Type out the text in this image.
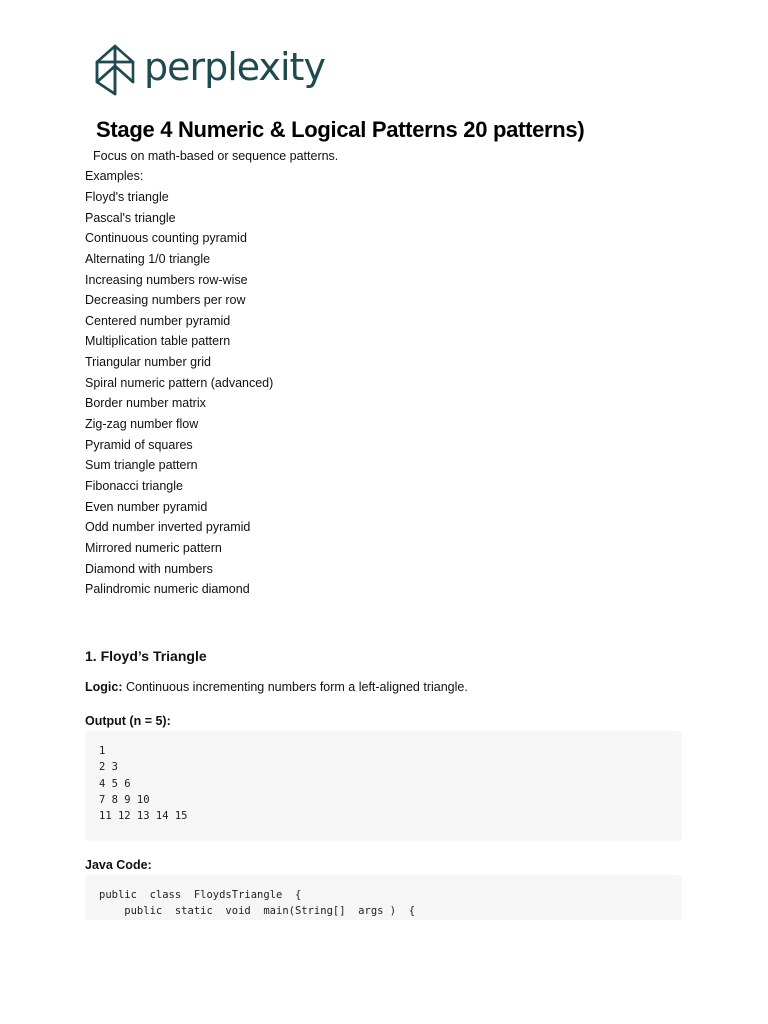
perplexity
Stage 4 Numeric & Logical Patterns 20 patterns)

Focus on math-based or sequence patterns.

Examples:

Floyd's triangle
Pascal's triangle
Continuous counting pyramid
Alternating 1/0 triangle
Increasing numbers row-wise
Decreasing numbers per row
Centered number pyramid
Multiplication table pattern
Triangular number grid
Spiral numeric pattern (advanced)
Border number matrix
Zig-zag number flow
Pyramid of squares
Sum triangle pattern
Fibonacci triangle
Even number pyramid
Odd number inverted pyramid
Mirrored numeric pattern
Diamond with numbers
Palindromic numeric diamond
1. Floyd’s Triangle

Logic: Continuous incrementing numbers form a left-aligned triangle.

Output (n = 5):

1
2 3
4 5 6
7 8 9 10
11 12 13 14 15

Java Code:

public  class  FloydsTriangle  {
public  static  void  main(String[]  args )  {
